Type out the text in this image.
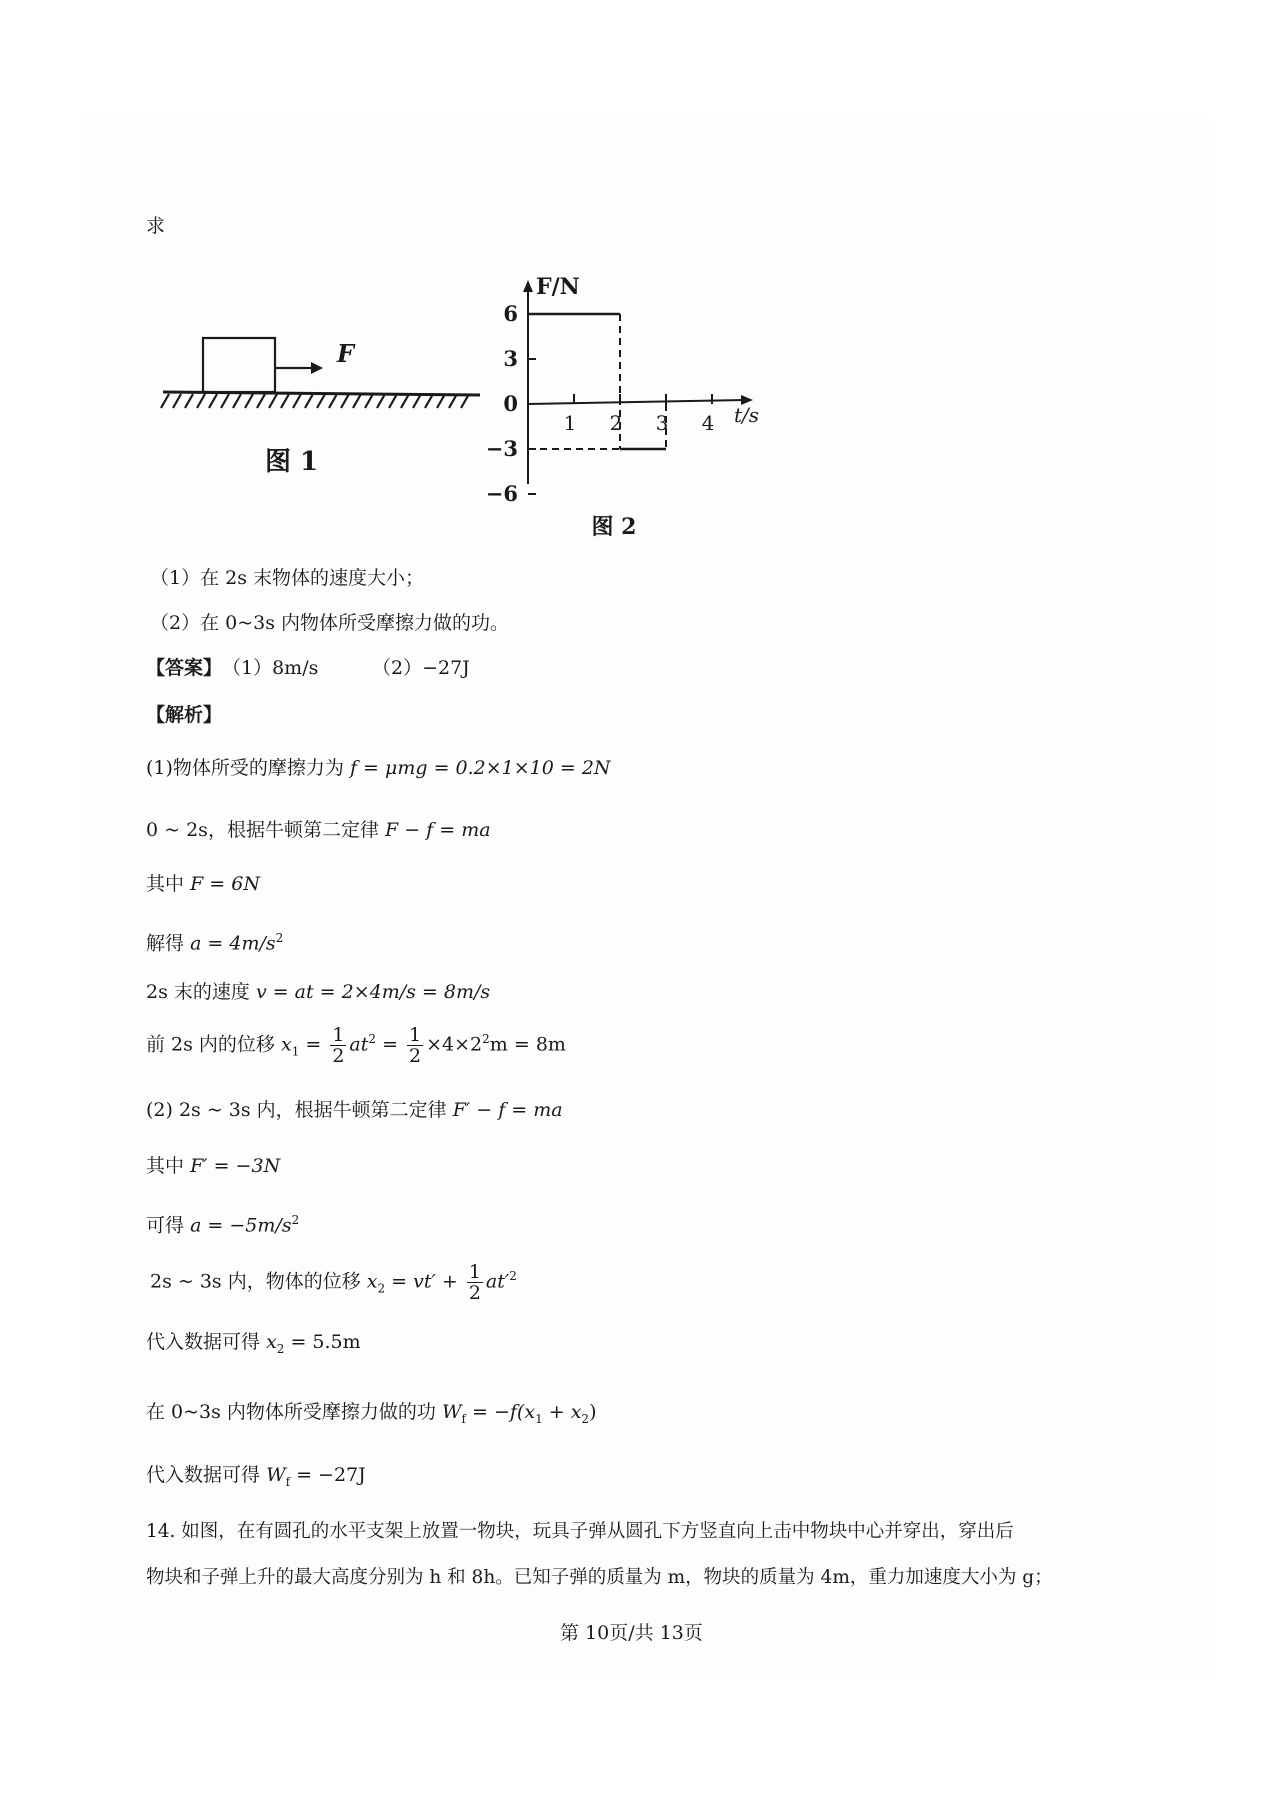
求
F
图 1
F/N
t/s
6
3
0
−3
−6
1 2 3 4
图 2
（1）在 2s 末物体的速度大小；
（2）在 0~3s 内物体所受摩擦力做的功。
【答案】 （1）8m/s	（2）−27J
【解析】
(1)物体所受的摩擦力为 f = μmg = 0.2×1×10 = 2N
0 ~ 2s，根据牛顿第二定律 F − f = ma
其中 F = 6N
解得 $a = 4m/s^2$
2s 末的速度 v = at = 2×4m/s = 8m/s
前 2s 内的位移 $x_1 = \frac{1}{2} at^2 = \frac{1}{2} \times 4\times 2^2m = 8m$
(2) 2s ~ 3s 内，根据牛顿第二定律 F′ − f = ma
其中 F′ = −3N
可得 $a = -5m/s^2$
2s ~ 3s 内，物体的位移 $x_2 = vt' + \frac{1}{2} at'^2$
代入数据可得 $x_2 = 5.5m$
在 0~3s 内物体所受摩擦力做的功 $W_f = -f(x_1 + x_2)$
代入数据可得 $W_f = -27J$
14. 如图，在有圆孔的水平支架上放置一物块，玩具子弹从圆孔下方竖直向上击中物块中心并穿出，穿出后
物块和子弹上升的最大高度分别为 h 和 8h。已知子弹的质量为 m，物块的质量为 4m，重力加速度大小为 g；
第 10页/共 13页
